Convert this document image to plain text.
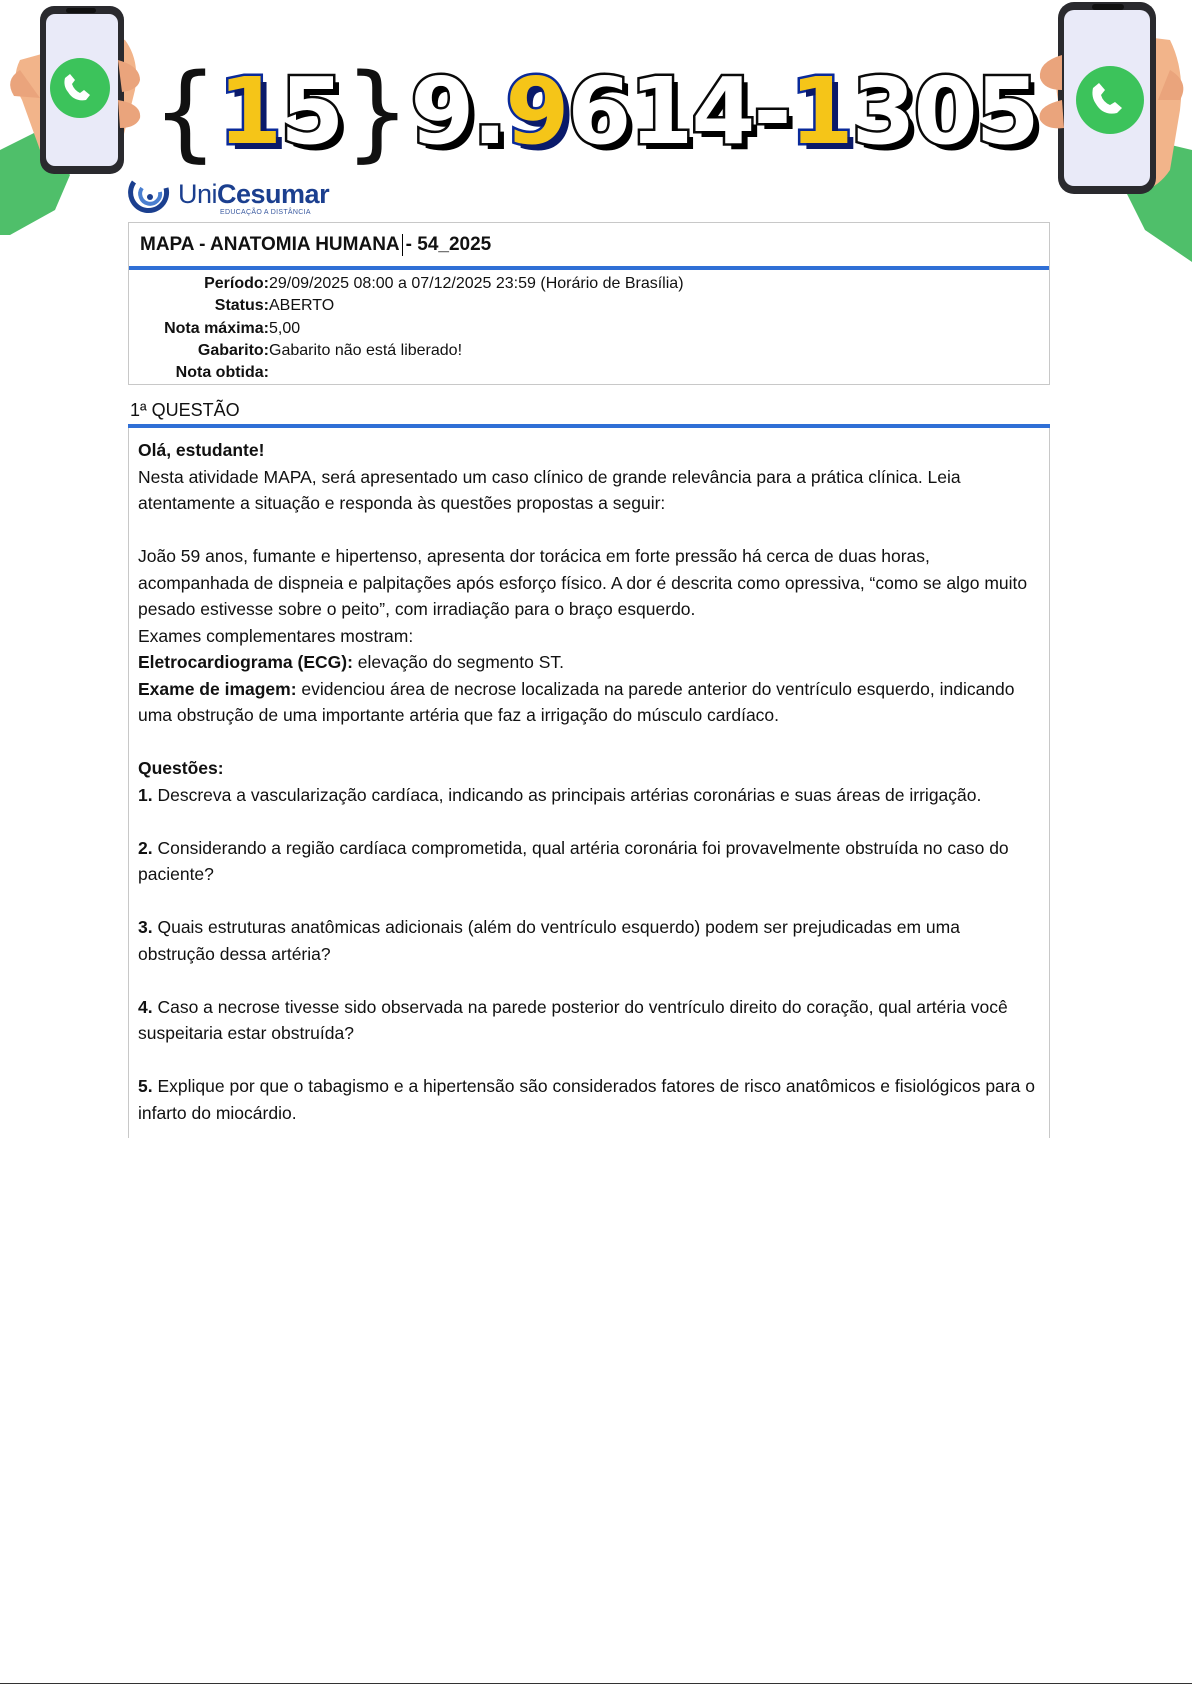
{ 1 5 } 9 . 9 6 1 4 - 1 3 0 5
UniCesumar
EDUCAÇÃO A DISTÂNCIA
MAPA - ANATOMIA HUMANA - 54_2025
Período: 29/09/2025 08:00 a 07/12/2025 23:59 (Horário de Brasília)
Status: ABERTO
Nota máxima: 5,00
Gabarito: Gabarito não está liberado!
Nota obtida:
1ª QUESTÃO

Olá, estudante!

Nesta atividade MAPA, será apresentado um caso clínico de grande relevância para a prática clínica. Leia atentamente a situação e responda às questões propostas a seguir:

João 59 anos, fumante e hipertenso, apresenta dor torácica em forte pressão há cerca de duas horas, acompanhada de dispneia e palpitações após esforço físico. A dor é descrita como opressiva, “como se algo muito pesado estivesse sobre o peito”, com irradiação para o braço esquerdo.

Exames complementares mostram:

Eletrocardiograma (ECG): elevação do segmento ST.

Exame de imagem: evidenciou área de necrose localizada na parede anterior do ventrículo esquerdo, indicando uma obstrução de uma importante artéria que faz a irrigação do músculo cardíaco.

Questões:

1. Descreva a vascularização cardíaca, indicando as principais artérias coronárias e suas áreas de irrigação.

2. Considerando a região cardíaca comprometida, qual artéria coronária foi provavelmente obstruída no caso do paciente?

3. Quais estruturas anatômicas adicionais (além do ventrículo esquerdo) podem ser prejudicadas em uma obstrução dessa artéria?

4. Caso a necrose tivesse sido observada na parede posterior do ventrículo direito do coração, qual artéria você suspeitaria estar obstruída?

5. Explique por que o tabagismo e a hipertensão são considerados fatores de risco anatômicos e fisiológicos para o infarto do miocárdio.
